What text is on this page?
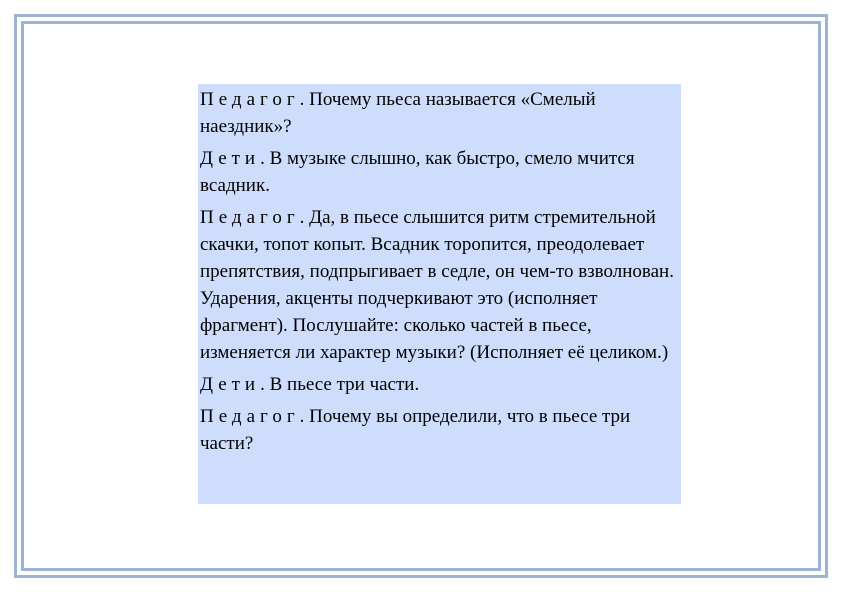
Педагог. Почему пьеса называется «Смелый наездник»?

Дети. В музыке слышно, как быстро, смело мчится всадник.

Педагог. Да, в пьесе слышится ритм стремительной скачки, топот копыт. Всадник торопится, преодолевает препятствия, подпрыгивает в седле, он чем-то взволнован. Ударения, акценты подчеркивают это (исполняет фрагмент). Послушайте: сколько частей в пьесе, изменяется ли характер музыки? (Исполняет её целиком.)

Дети. В пьесе три части.

Педагог. Почему вы определили, что в пьесе три части?
